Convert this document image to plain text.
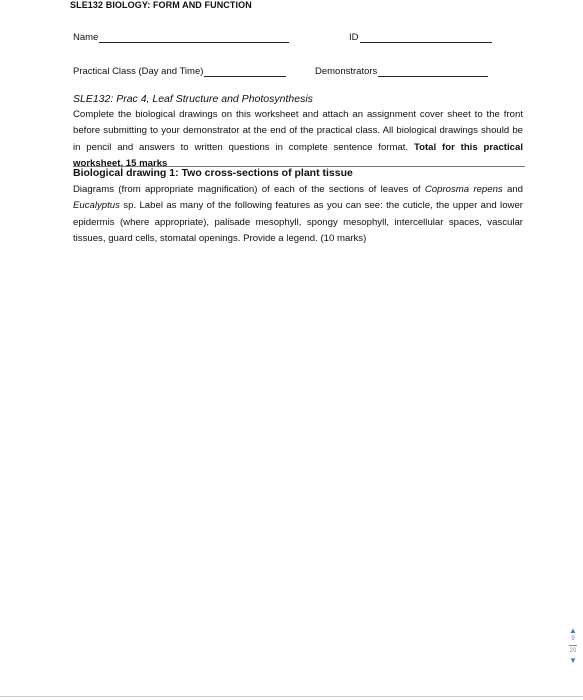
SLE132 BIOLOGY: FORM AND FUNCTION
Name	ID
Practical Class (Day and Time)	Demonstrators
SLE132: Prac 4, Leaf Structure and Photosynthesis

Complete the biological drawings on this worksheet and attach an assignment cover sheet to the front before submitting to your demonstrator at the end of the practical class. All biological drawings should be in pencil and answers to written questions in complete sentence format. Total for this practical worksheet, 15 marks

Biological drawing 1: Two cross-sections of plant tissue

Diagrams (from appropriate magnification) of each of the sections of leaves of Coprosma repens and Eucalyptus sp. Label as many of the following features as you can see: the cuticle, the upper and lower epidermis (where appropriate), palisade mesophyll, spongy mesophyll, intercellular spaces, vascular tissues, guard cells, stomatal openings. Provide a legend. (10 marks)

▲
9
20
▼
